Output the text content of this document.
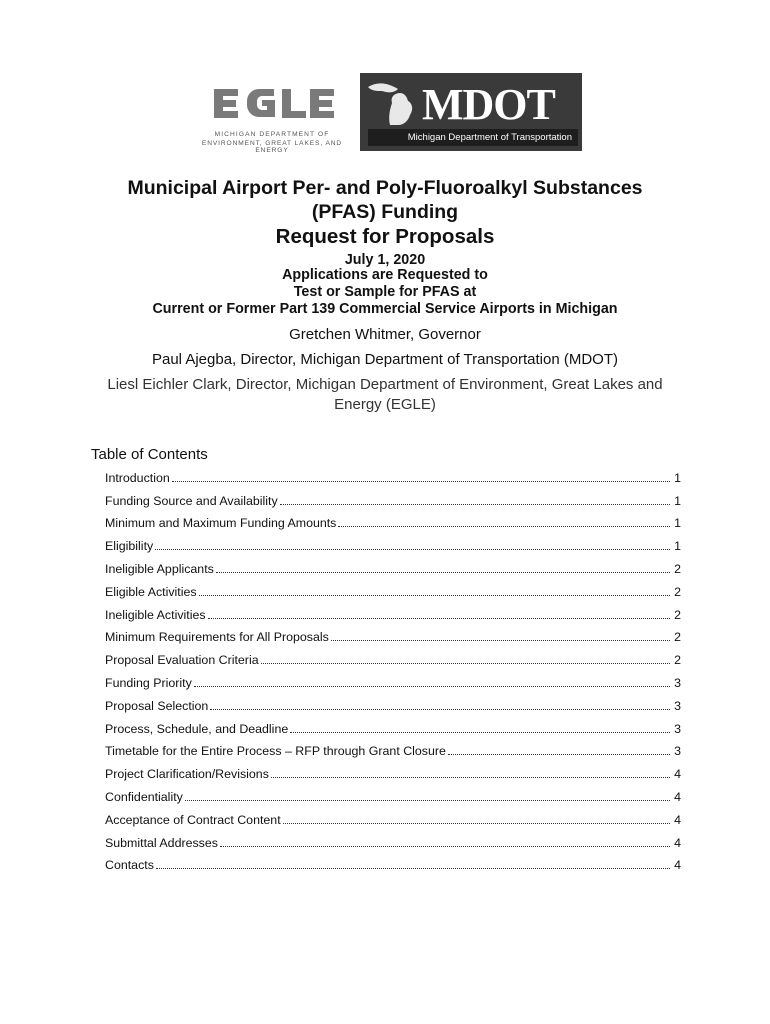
MICHIGAN DEPARTMENT OF
ENVIRONMENT, GREAT LAKES, AND ENERGY
MDOT
Michigan Department of Transportation
Municipal Airport Per- and Poly-Fluoroalkyl Substances
(PFAS) Funding
Request for Proposals
July 1, 2020
Applications are Requested to
Test or Sample for PFAS at
Current or Former Part 139 Commercial Service Airports in Michigan
Gretchen Whitmer, Governor
Paul Ajegba, Director, Michigan Department of Transportation (MDOT)
Liesl Eichler Clark, Director, Michigan Department of Environment, Great Lakes and Energy (EGLE)
Table of Contents
Introduction	1
Funding Source and Availability	1
Minimum and Maximum Funding Amounts	1
Eligibility	1
Ineligible Applicants	2
Eligible Activities	2
Ineligible Activities	2
Minimum Requirements for All Proposals	2
Proposal Evaluation Criteria	2
Funding Priority	3
Proposal Selection	3
Process, Schedule, and Deadline	3
Timetable for the Entire Process – RFP through Grant Closure	3
Project Clarification/Revisions	4
Confidentiality	4
Acceptance of Contract Content	4
Submittal Addresses	4
Contacts	4
